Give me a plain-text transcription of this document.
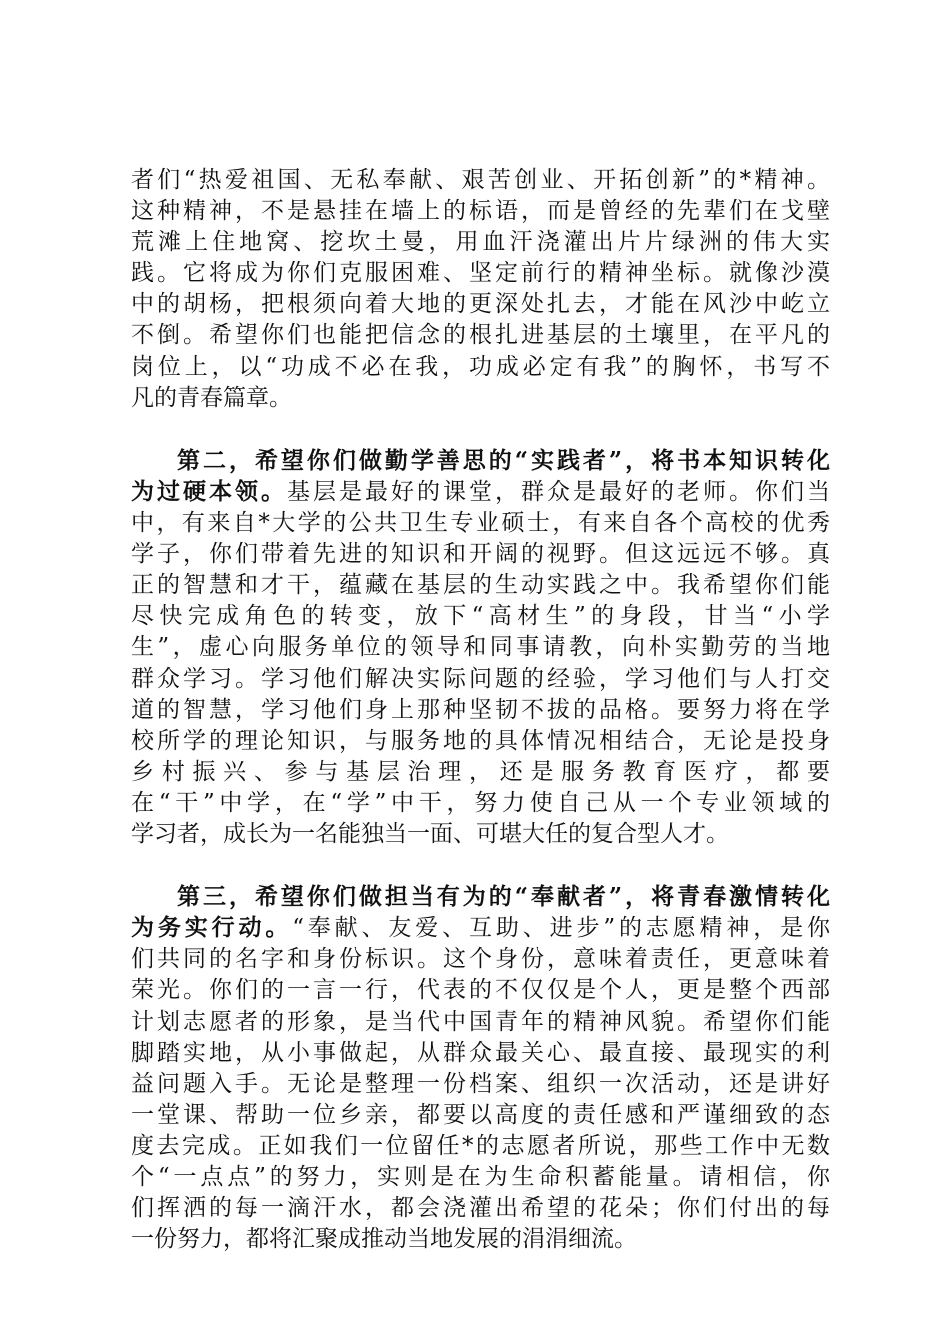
者们“热爱祖国、无私奉献、艰苦创业、开拓创新”的*精神。
这种精神，不是悬挂在墙上的标语，而是曾经的先辈们在戈壁
荒滩上住地窝、挖坎土曼，用血汗浇灌出片片绿洲的伟大实
践。它将成为你们克服困难、坚定前行的精神坐标。就像沙漠
中的胡杨，把根须向着大地的更深处扎去，才能在风沙中屹立
不倒。希望你们也能把信念的根扎进基层的土壤里，在平凡的
岗位上，以“功成不必在我，功成必定有我”的胸怀，书写不
凡的青春篇章。
第二，希望你们做勤学善思的“实践者”，将书本知识转化
为过硬本领。基层是最好的课堂，群众是最好的老师。你们当
中，有来自*大学的公共卫生专业硕士，有来自各个高校的优秀
学子，你们带着先进的知识和开阔的视野。但这远远不够。真
正的智慧和才干，蕴藏在基层的生动实践之中。我希望你们能
尽快完成角色的转变，放下“高材生”的身段，甘当“小学
生”，虚心向服务单位的领导和同事请教，向朴实勤劳的当地
群众学习。学习他们解决实际问题的经验，学习他们与人打交
道的智慧，学习他们身上那种坚韧不拔的品格。要努力将在学
校所学的理论知识，与服务地的具体情况相结合，无论是投身
乡村振兴、参与基层治理，还是服务教育医疗，都要
在“干”中学，在“学”中干，努力使自己从一个专业领域的
学习者，成长为一名能独当一面、可堪大任的复合型人才。
第三，希望你们做担当有为的“奉献者”，将青春激情转化
为务实行动。“奉献、友爱、互助、进步”的志愿精神，是你
们共同的名字和身份标识。这个身份，意味着责任，更意味着
荣光。你们的一言一行，代表的不仅仅是个人，更是整个西部
计划志愿者的形象，是当代中国青年的精神风貌。希望你们能
脚踏实地，从小事做起，从群众最关心、最直接、最现实的利
益问题入手。无论是整理一份档案、组织一次活动，还是讲好
一堂课、帮助一位乡亲，都要以高度的责任感和严谨细致的态
度去完成。正如我们一位留任*的志愿者所说，那些工作中无数
个“一点点”的努力，实则是在为生命积蓄能量。请相信，你
们挥洒的每一滴汗水，都会浇灌出希望的花朵；你们付出的每
一份努力，都将汇聚成推动当地发展的涓涓细流。
